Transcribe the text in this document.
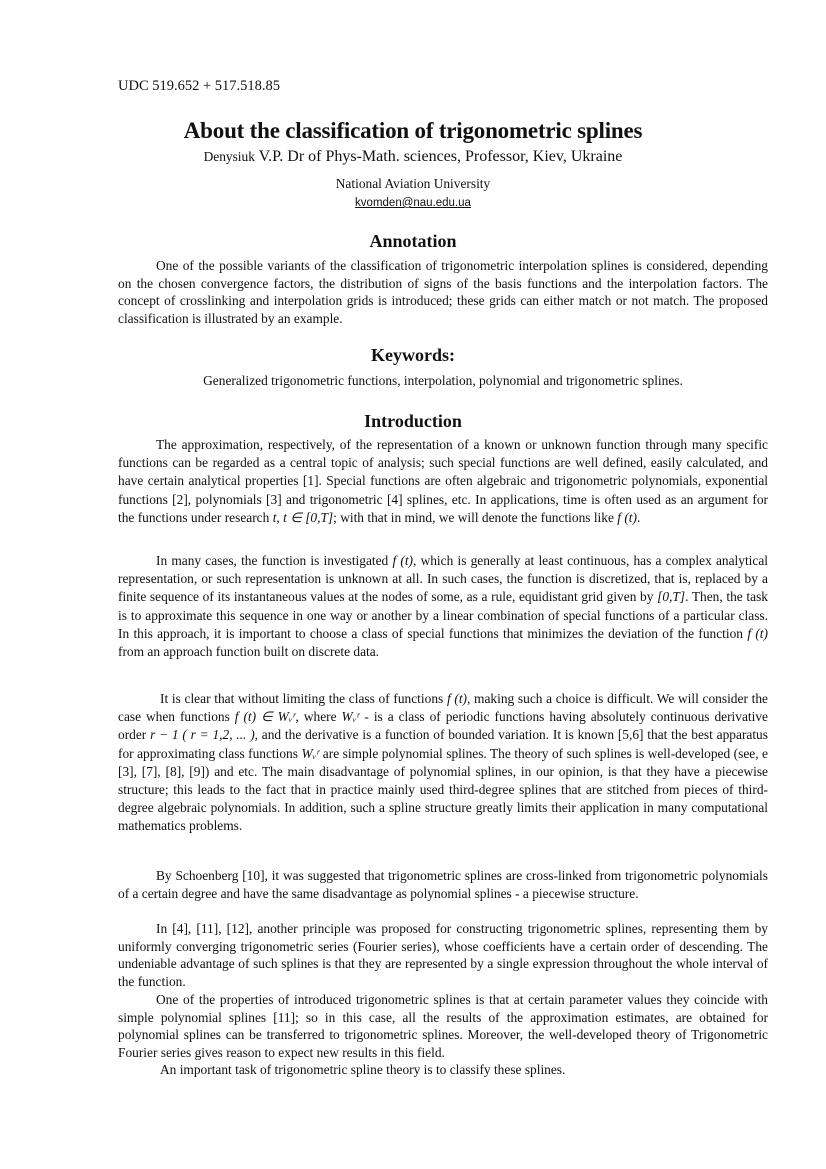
UDC 519.652 + 517.518.85
About the classification of trigonometric splines
Denysiuk V.P. Dr of Phys-Math. sciences, Professor, Kiev, Ukraine
National Aviation University
kvomden@nau.edu.ua
Annotation
One of the possible variants of the classification of trigonometric interpolation splines is considered, depending on the chosen convergence factors, the distribution of signs of the basis functions and the interpolation factors. The concept of crosslinking and interpolation grids is introduced; these grids can either match or not match. The proposed classification is illustrated by an example.
Keywords:
Generalized trigonometric functions, interpolation, polynomial and trigonometric splines.
Introduction
The approximation, respectively, of the representation of a known or unknown function through many specific functions can be regarded as a central topic of analysis; such special functions are well defined, easily calculated, and have certain analytical properties [1]. Special functions are often algebraic and trigonometric polynomials, exponential functions [2], polynomials [3] and trigonometric [4] splines, etc. In applications, time is often used as an argument for the functions under research t, t ∈ [0,T]; with that in mind, we will denote the functions like f (t).
In many cases, the function is investigated f (t), which is generally at least continuous, has a complex analytical representation, or such representation is unknown at all. In such cases, the function is discretized, that is, replaced by a finite sequence of its instantaneous values at the nodes of some, as a rule, equidistant grid given by [0,T]. Then, the task is to approximate this sequence in one way or another by a linear combination of special functions of a particular class. In this approach, it is important to choose a class of special functions that minimizes the deviation of the function f (t) from an approach function built on discrete data.
It is clear that without limiting the class of functions f (t), making such a choice is difficult. We will consider the case when functions f (t) ∈ Wᵥʳ, where Wᵥʳ - is a class of periodic functions having absolutely continuous derivative order r − 1 ( r = 1,2, ... ), and the derivative is a function of bounded variation. It is known [5,6] that the best apparatus for approximating class functions Wᵥʳ are simple polynomial splines. The theory of such splines is well-developed (see, e [3], [7], [8], [9]) and etc. The main disadvantage of polynomial splines, in our opinion, is that they have a piecewise structure; this leads to the fact that in practice mainly used third-degree splines that are stitched from pieces of third-degree algebraic polynomials. In addition, such a spline structure greatly limits their application in many computational mathematics problems.
By Schoenberg [10], it was suggested that trigonometric splines are cross-linked from trigonometric polynomials of a certain degree and have the same disadvantage as polynomial splines - a piecewise structure.
In [4], [11], [12], another principle was proposed for constructing trigonometric splines, representing them by uniformly converging trigonometric series (Fourier series), whose coefficients have a certain order of descending. The undeniable advantage of such splines is that they are represented by a single expression throughout the whole interval of the function.
One of the properties of introduced trigonometric splines is that at certain parameter values they coincide with simple polynomial splines [11]; so in this case, all the results of the approximation estimates, are obtained for polynomial splines can be transferred to trigonometric splines. Moreover, the well-developed theory of Trigonometric Fourier series gives reason to expect new results in this field.
An important task of trigonometric spline theory is to classify these splines.
